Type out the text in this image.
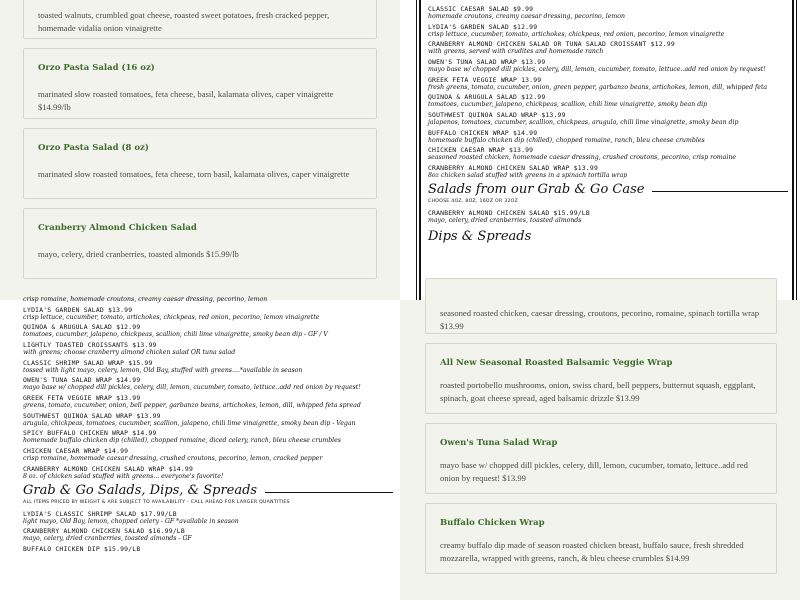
toasted walnuts, crumbled goat cheese, roasted sweet potatoes, fresh cracked pepper, homemade vidalia onion vinaigrette
Orzo Pasta Salad (16 oz)
marinated slow roasted tomatoes, feta cheese, basil, kalamata olives, caper vinaigrette $14.99/lb
Orzo Pasta Salad (8 oz)
marinated slow roasted tomatoes, feta cheese, torn basil, kalamata olives, caper vinaigrette
Cranberry Almond Chicken Salad
mayo, celery, dried cranberries, toasted almonds $15.99/lb
CLASSIC CAESAR SALAD $9.99
homemade croutons, creamy caesar dressing, pecorino, lemon
LYDIA'S GARDEN SALAD $12.99
crisp lettuce, cucumber, tomato, artichokes, chickpeas, red onion, pecorino, lemon vinaigrette
CRANBERRY ALMOND CHICKEN SALAD OR TUNA SALAD CROISSANT $12.99
with greens, served with crudites and homemade ranch
OWEN'S TUNA SALAD WRAP $13.99
mayo base w/ chopped dill pickles, celery, dill, lemon, cucumber, tomato, lettuce..add red onion by request!
GREEK FETA VEGGIE WRAP 13.99
fresh greens, tomato, cucumber, onion, green pepper, garbanzo beans, artichokes, lemon, dill, whipped feta
QUINOA & ARUGULA SALAD $12.99
tomatoes, cucumber, jalapeno, chickpeas, scallion, chili lime vinaigrette, smoky bean dip
SOUTHWEST QUINOA SALAD WRAP $13.99
jalapenos, tomatoes, cucumber, scallion, chickpeas, arugula, chili lime vinaigrette, smoky bean dip
BUFFALO CHICKEN WRAP $14.99
homemade buffalo chicken dip (chilled), chopped romaine, ranch, bleu cheese crumbles
CHICKEN CAESAR WRAP $13.99
seasoned roasted chicken, homemade caesar dressing, crushed croutons, pecorino, crisp romaine
CRANBERRY ALMOND CHICKEN SALAD WRAP $13.99
8oz chicken salad stuffed with greens in a spinach tortilla wrap
Salads from our Grab & Go Case
CHOOSE 4OZ, 8OZ, 16OZ OR 32OZ
CRANBERRY ALMOND CHICKEN SALAD $15.99/LB
mayo, celery, dried cranberries, toasted almonds
Dips & Spreads
crisp romaine, homemade croutons, creamy caesar dressing, pecorino, lemon
LYDIA'S GARDEN SALAD $13.99
crisp lettuce, cucumber, tomato, artichokes, chickpeas, red onion, pecorino, lemon vinaigrette
QUINOA & ARUGULA SALAD $12.99
tomatoes, cucumber, jalapeno, chickpeas, scallion, chili lime vinaigrette, smoky bean dip - GF / V
LIGHTLY TOASTED CROISSANTS $13.99
with greens; choose cranberry almond chicken salad OR tuna salad
CLASSIC SHRIMP SALAD WRAP $15.99
tossed with light mayo, celery, lemon, Old Bay, stuffed with greens....*available in season
OWEN'S TUNA SALAD WRAP $14.99
mayo base w/ chopped dill pickles, celery, dill, lemon, cucumber, tomato, lettuce..add red onion by request!
GREEK FETA VEGGIE WRAP $13.99
greens, tomato, cucumber, onion, bell pepper, garbanzo beans, artichokes, lemon, dill, whipped feta spread
SOUTHWEST QUINOA SALAD WRAP $13.99
arugula, chickpeas, tomatoes, cucumber, scallion, jalapeno, chili lime vinaigrette, smoky bean dip - Vegan
SPICY BUFFALO CHICKEN WRAP $14.99
homemade buffalo chicken dip (chilled), chopped romaine, diced celery, ranch, bleu cheese crumbles
CHICKEN CAESAR WRAP $14.99
crisp romaine, homemade caesar dressing, crushed croutons, pecorino, lemon, cracked pepper
CRANBERRY ALMOND CHICKEN SALAD WRAP $14.99
8 oz. of chicken salad stuffed with greens... everyone's favorite!
Grab & Go Salads, Dips, & Spreads
ALL ITEMS PRICED BY WEIGHT & ARE SUBJECT TO AVAILABILITY - CALL AHEAD FOR LARGER QUANTITIES
LYDIA'S CLASSIC SHRIMP SALAD $17.99/LB
light mayo, Old Bay, lemon, chopped celery - GF *available in season
CRANBERRY ALMOND CHICKEN SALAD $16.99/LB
mayo, celery, dried cranberries, toasted almonds - GF
BUFFALO CHICKEN DIP $15.99/LB
seasoned roasted chicken, caesar dressing, croutons, pecorino, romaine, spinach tortilla wrap $13.99
All New Seasonal Roasted Balsamic Veggie Wrap
roasted portobello mushrooms, onion, swiss chard, bell peppers, butternut squash, eggplant, spinach, goat cheese spread, aged balsamic drizzle $13.99
Owen's Tuna Salad Wrap
mayo base w/ chopped dill pickles, celery, dill, lemon, cucumber, tomato, lettuce..add red onion by request! $13.99
Buffalo Chicken Wrap
creamy buffalo dip made of season roasted chicken breast, buffalo sauce, fresh shredded mozzarella, wrapped with greens, ranch, & bleu cheese crumbles $14.99
